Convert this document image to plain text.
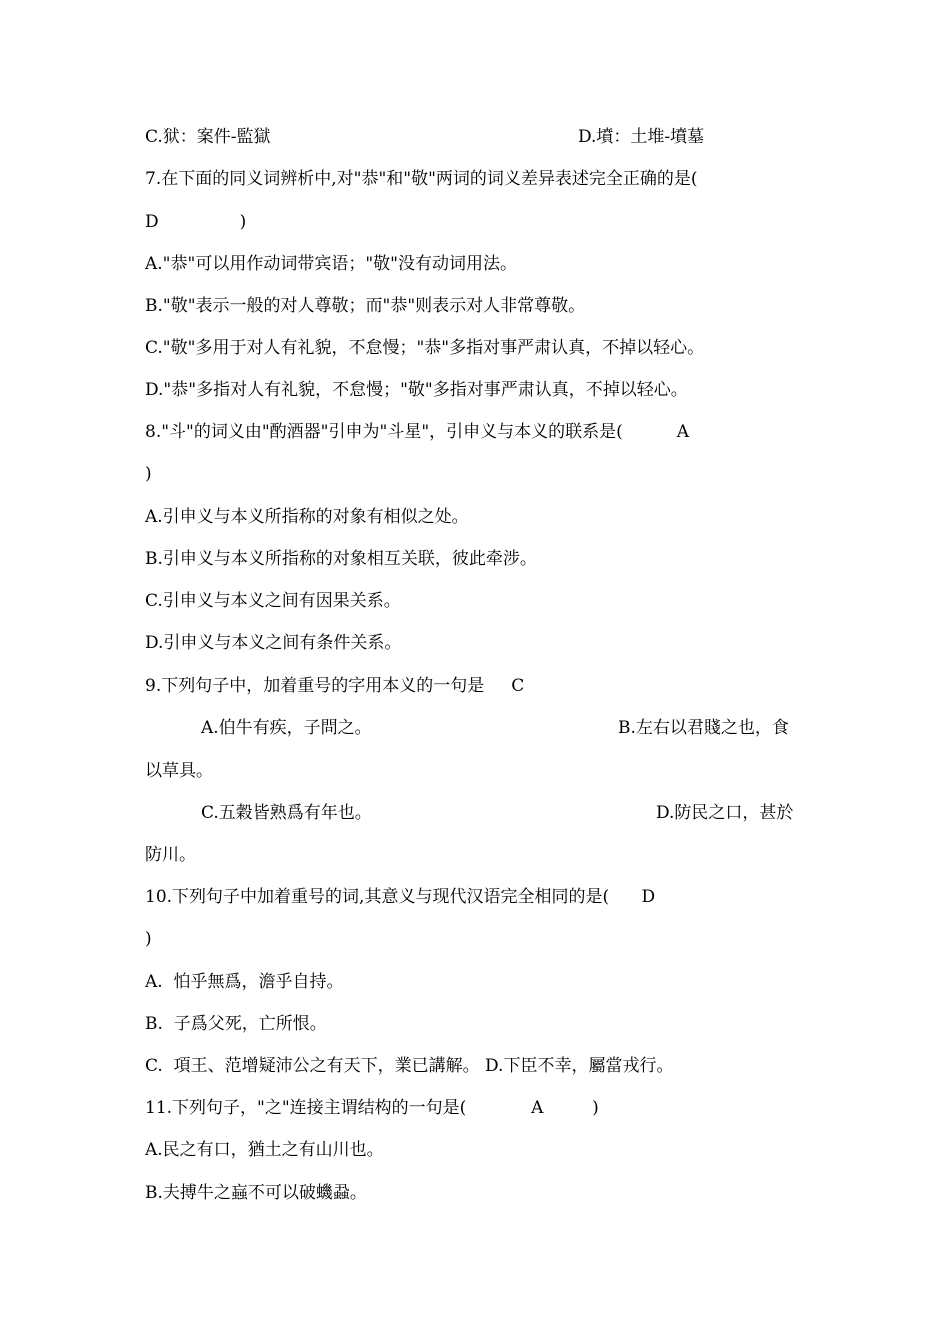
C.狱：案件-監獄	D.墳：土堆-墳墓

7.在下面的同义词辨析中,对"恭"和"敬"两词的词义差异表述完全正确的是(

D               )

A."恭"可以用作动词带宾语；"敬"没有动词用法。

B."敬"表示一般的对人尊敬；而"恭"则表示对人非常尊敬。

C."敬"多用于对人有礼貌，不怠慢；"恭"多指对事严肃认真，不掉以轻心。

D."恭"多指对人有礼貌，不怠慢；"敬"多指对事严肃认真，不掉以轻心。

8."斗"的词义由"酌酒器"引申为"斗星"，引申义与本义的联系是(          A

)

A.引申义与本义所指称的对象有相似之处。

B.引申义与本义所指称的对象相互关联，彼此牵涉。

C.引申义与本义之间有因果关系。

D.引申义与本义之间有条件关系。

9.下列句子中，加着重号的字用本义的一句是     C

A.伯牛有疾，子問之。	B.左右以君賤之也，食

以草具。

C.五穀皆熟爲有年也。	D.防民之口，甚於

防川。

10.下列句子中加着重号的词,其意义与现代汉语完全相同的是(      D

)

A.  怕乎無爲，澹乎自持。

B.  子爲父死，亡所恨。

C.  項王、范增疑沛公之有天下，業已講解。 D.下臣不幸，屬當戎行。

11.下列句子，"之"连接主谓结构的一句是(            A         )

A.民之有口，猶土之有山川也。

B.夫搏牛之蝱不可以破蟣蝨。
